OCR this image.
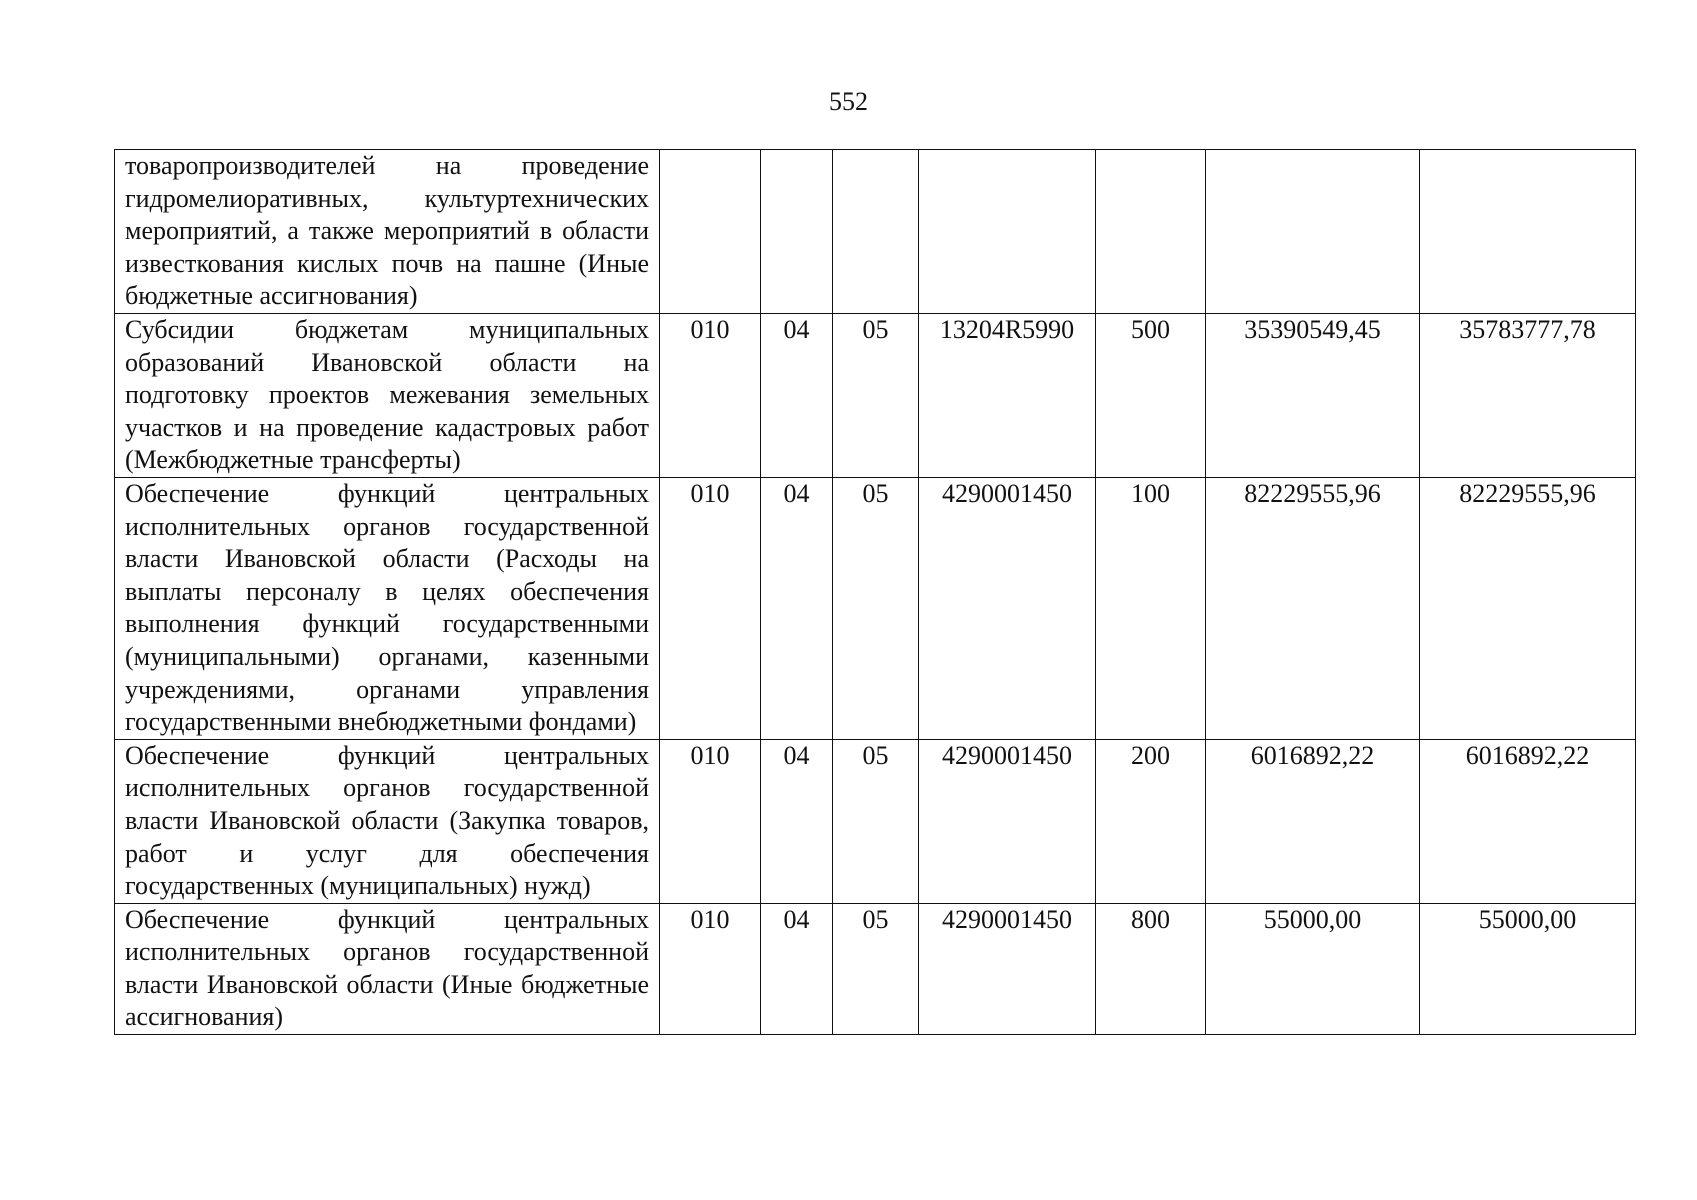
552
товаропроизводителей на проведение гидромелиоративных, культуртехнических мероприятий, а также мероприятий в области известкования кислых почв на пашне (Иные бюджетные ассигнования)							
Субсидии бюджетам муниципальных образований Ивановской области на подготовку проектов межевания земельных участков и на проведение кадастровых работ (Межбюджетные трансферты)	010	04	05	13204R5990	500	35390549,45	35783777,78
Обеспечение функций центральных исполнительных органов государственной власти Ивановской области (Расходы на выплаты персоналу в целях обеспечения выполнения функций государственными (муниципальными) органами, казенными учреждениями, органами управления государственными внебюджетными фондами)	010	04	05	4290001450	100	82229555,96	82229555,96
Обеспечение функций центральных исполнительных органов государственной власти Ивановской области (Закупка товаров, работ и услуг для обеспечения государственных (муниципальных) нужд)	010	04	05	4290001450	200	6016892,22	6016892,22
Обеспечение функций центральных исполнительных органов государственной власти Ивановской области (Иные бюджетные ассигнования)	010	04	05	4290001450	800	55000,00	55000,00
